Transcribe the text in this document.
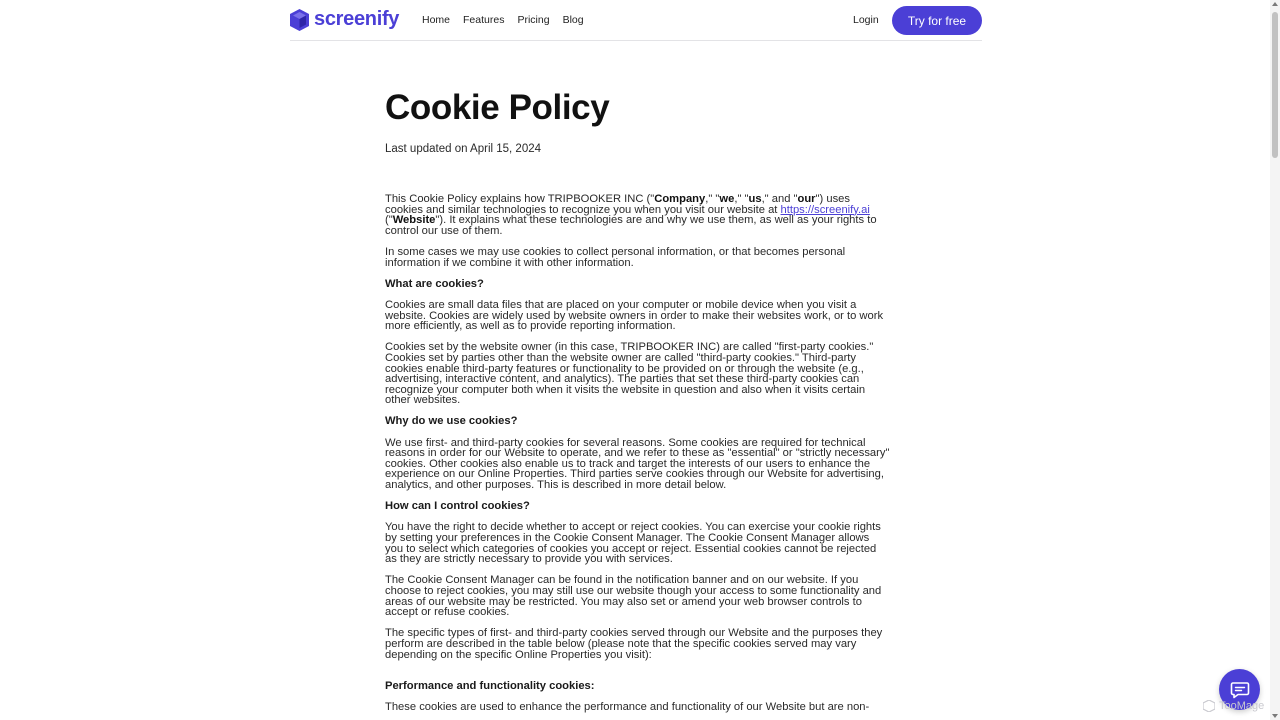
screenify Home Features Pricing Blog	Login	Try for free
Cookie Policy
Last updated on April 15, 2024

This Cookie Policy explains how TRIPBOOKER INC ("Company," "we," "us," and "our") uses cookies and similar technologies to recognize you when you visit our website at https://screenify.ai ("Website"). It explains what these technologies are and why we use them, as well as your rights to control our use of them.

In some cases we may use cookies to collect personal information, or that becomes personal information if we combine it with other information.

What are cookies?

Cookies are small data files that are placed on your computer or mobile device when you visit a website. Cookies are widely used by website owners in order to make their websites work, or to work more efficiently, as well as to provide reporting information.

Cookies set by the website owner (in this case, TRIPBOOKER INC) are called "first-party cookies." Cookies set by parties other than the website owner are called "third-party cookies." Third-party cookies enable third-party features or functionality to be provided on or through the website (e.g., advertising, interactive content, and analytics). The parties that set these third-party cookies can recognize your computer both when it visits the website in question and also when it visits certain other websites.

Why do we use cookies?

We use first- and third-party cookies for several reasons. Some cookies are required for technical reasons in order for our Website to operate, and we refer to these as "essential" or "strictly necessary" cookies. Other cookies also enable us to track and target the interests of our users to enhance the experience on our Online Properties. Third parties serve cookies through our Website for advertising, analytics, and other purposes. This is described in more detail below.

How can I control cookies?

You have the right to decide whether to accept or reject cookies. You can exercise your cookie rights by setting your preferences in the Cookie Consent Manager. The Cookie Consent Manager allows you to select which categories of cookies you accept or reject. Essential cookies cannot be rejected as they are strictly necessary to provide you with services.

The Cookie Consent Manager can be found in the notification banner and on our website. If you choose to reject cookies, you may still use our website though your access to some functionality and areas of our website may be restricted. You may also set or amend your web browser controls to accept or refuse cookies.

The specific types of first- and third-party cookies served through our Website and the purposes they perform are described in the table below (please note that the specific cookies served may vary depending on the specific Online Properties you visit):

Performance and functionality cookies:

These cookies are used to enhance the performance and functionality of our Website but are non-	TooMage
